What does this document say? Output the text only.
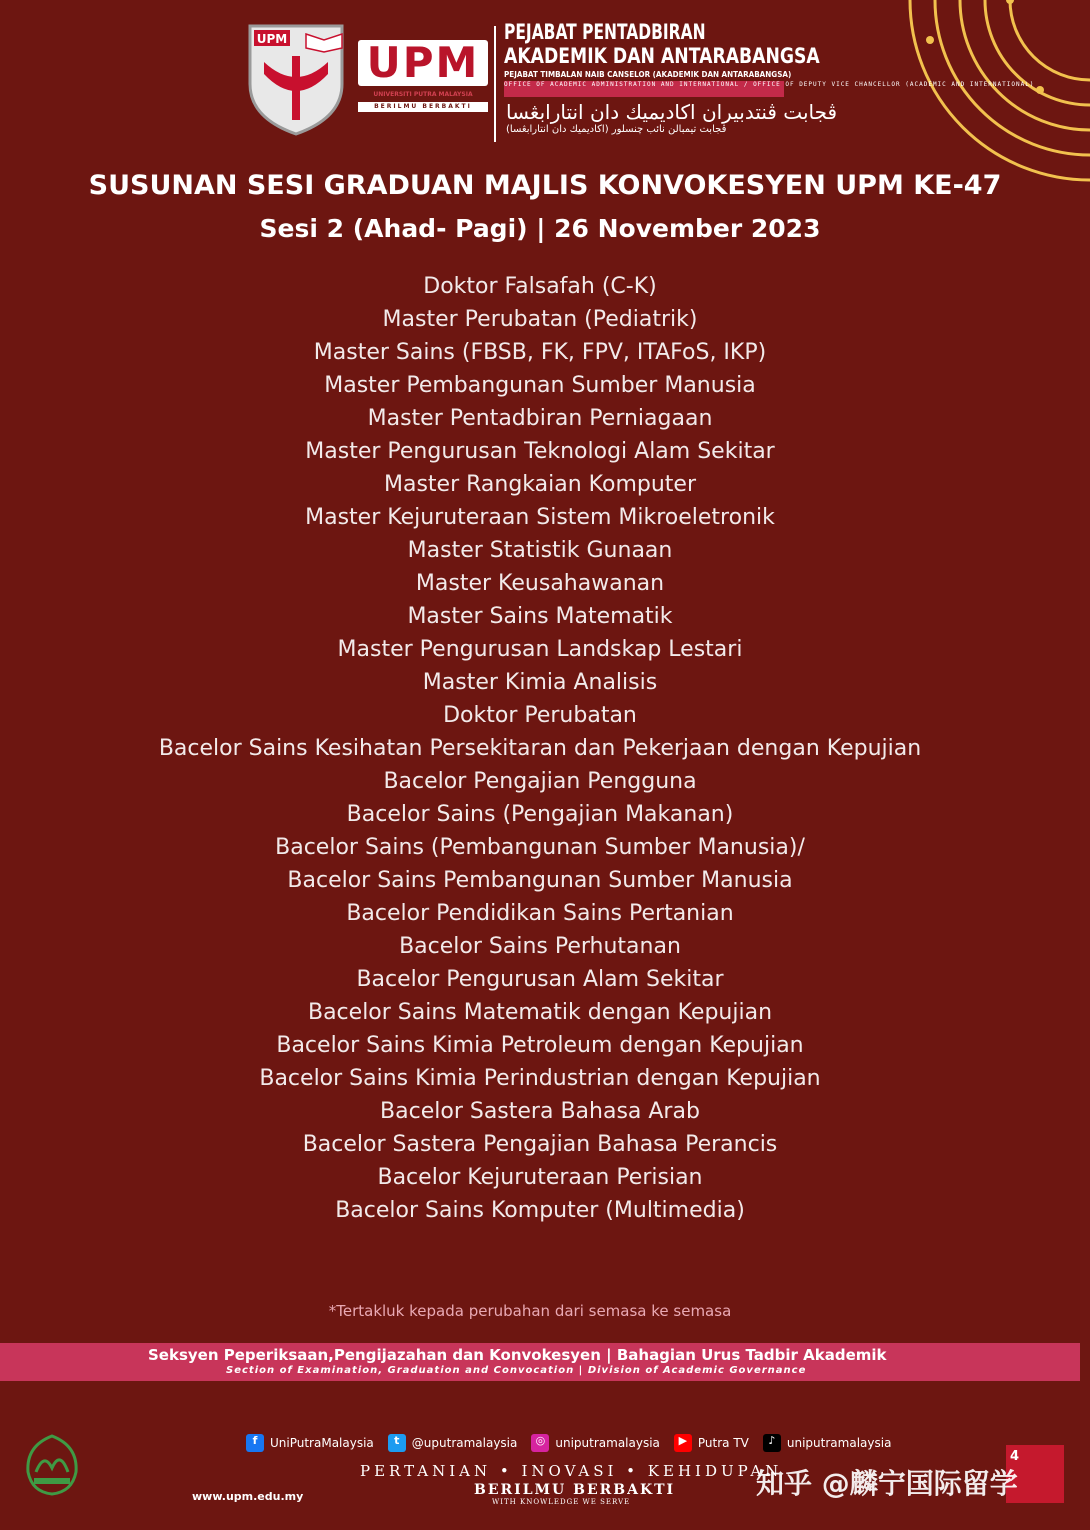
UPM UPM
UNIVERSITI PUTRA MALAYSIA
BERILMU BERBAKTI
PEJABAT PENTADBIRAN
AKADEMIK DAN ANTARABANGSA
PEJABAT TIMBALAN NAIB CANSELOR (AKADEMIK DAN ANTARABANGSA)
OFFICE OF ACADEMIC ADMINISTRATION AND INTERNATIONAL / OFFICE OF DEPUTY VICE CHANCELLOR (ACADEMIC AND INTERNATIONAL)
ڤجابت ڤنتدبيران اكاديميك دان انتارابڠسا
(ڤجابت تيمبالن نائب چنسلور (اكاديميك دان انتارابڠسا
SUSUNAN SESI GRADUAN MAJLIS KONVOKESYEN UPM KE-47
Sesi 2 (Ahad- Pagi) | 26 November 2023
Doktor Falsafah (C-K)
Master Perubatan (Pediatrik)
Master Sains (FBSB, FK, FPV, ITAFoS, IKP)
Master Pembangunan Sumber Manusia
Master Pentadbiran Perniagaan
Master Pengurusan Teknologi Alam Sekitar
Master Rangkaian Komputer
Master Kejuruteraan Sistem Mikroeletronik
Master Statistik Gunaan
Master Keusahawanan
Master Sains Matematik
Master Pengurusan Landskap Lestari
Master Kimia Analisis
Doktor Perubatan
Bacelor Sains Kesihatan Persekitaran dan Pekerjaan dengan Kepujian
Bacelor Pengajian Pengguna
Bacelor Sains (Pengajian Makanan)
Bacelor Sains (Pembangunan Sumber Manusia)/
Bacelor Sains Pembangunan Sumber Manusia
Bacelor Pendidikan Sains Pertanian
Bacelor Sains Perhutanan
Bacelor Pengurusan Alam Sekitar
Bacelor Sains Matematik dengan Kepujian
Bacelor Sains Kimia Petroleum dengan Kepujian
Bacelor Sains Kimia Perindustrian dengan Kepujian
Bacelor Sastera Bahasa Arab
Bacelor Sastera Pengajian Bahasa Perancis
Bacelor Kejuruteraan Perisian
Bacelor Sains Komputer (Multimedia)
*Tertakluk kepada perubahan dari semasa ke semasa
Seksyen Peperiksaan,Pengijazahan dan Konvokesyen | Bahagian Urus Tadbir Akademik
Section of Examination, Graduation and Convocation | Division of Academic Governance
www.upm.edu.my
f	UniPutraMalaysia	t	@uputramalaysia	◎ uniputramalaysia	▶ Putra TV	♪ uniputramalaysia
PERTANIAN • INOVASI • KEHIDUPAN
BERILMU BERBAKTI
WITH KNOWLEDGE WE SERVE
4
知乎 @麟宁国际留学
